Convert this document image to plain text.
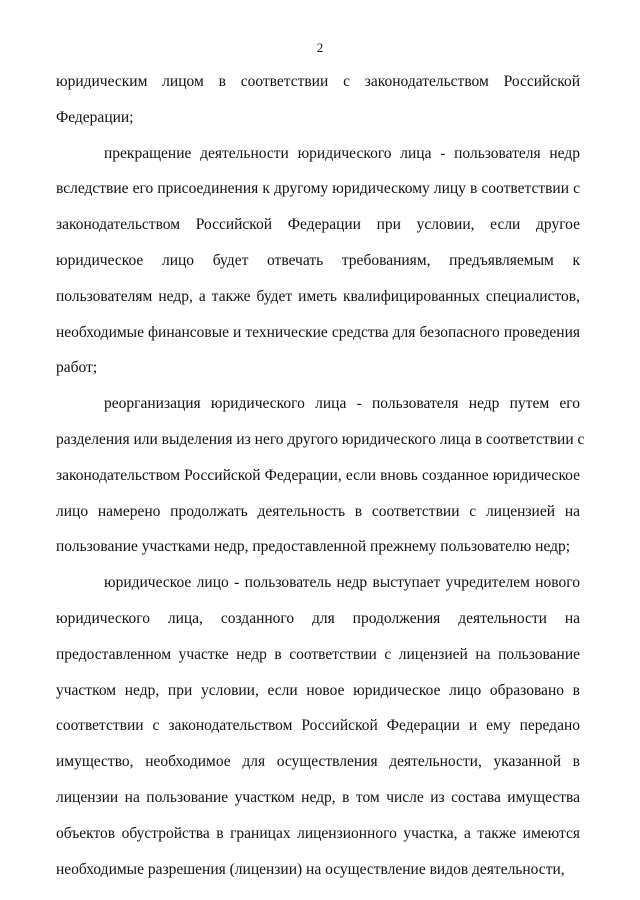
2
юридическим лицом в соответствии с законодательством Российской
Федерации;
прекращение деятельности юридического лица - пользователя недр
вследствие его присоединения к другому юридическому лицу в соответствии с
законодательством Российской Федерации при условии, если другое
юридическое лицо будет отвечать требованиям, предъявляемым к
пользователям недр, а также будет иметь квалифицированных специалистов,
необходимые финансовые и технические средства для безопасного проведения
работ;
реорганизация юридического лица - пользователя недр путем его
разделения или выделения из него другого юридического лица в соответствии с
законодательством Российской Федерации, если вновь созданное юридическое
лицо намерено продолжать деятельность в соответствии с лицензией на
пользование участками недр, предоставленной прежнему пользователю недр;
юридическое лицо - пользователь недр выступает учредителем нового
юридического лица, созданного для продолжения деятельности на
предоставленном участке недр в соответствии с лицензией на пользование
участком недр, при условии, если новое юридическое лицо образовано в
соответствии с законодательством Российской Федерации и ему передано
имущество, необходимое для осуществления деятельности, указанной в
лицензии на пользование участком недр, в том числе из состава имущества
объектов обустройства в границах лицензионного участка, а также имеются
необходимые разрешения (лицензии) на осуществление видов деятельности,
